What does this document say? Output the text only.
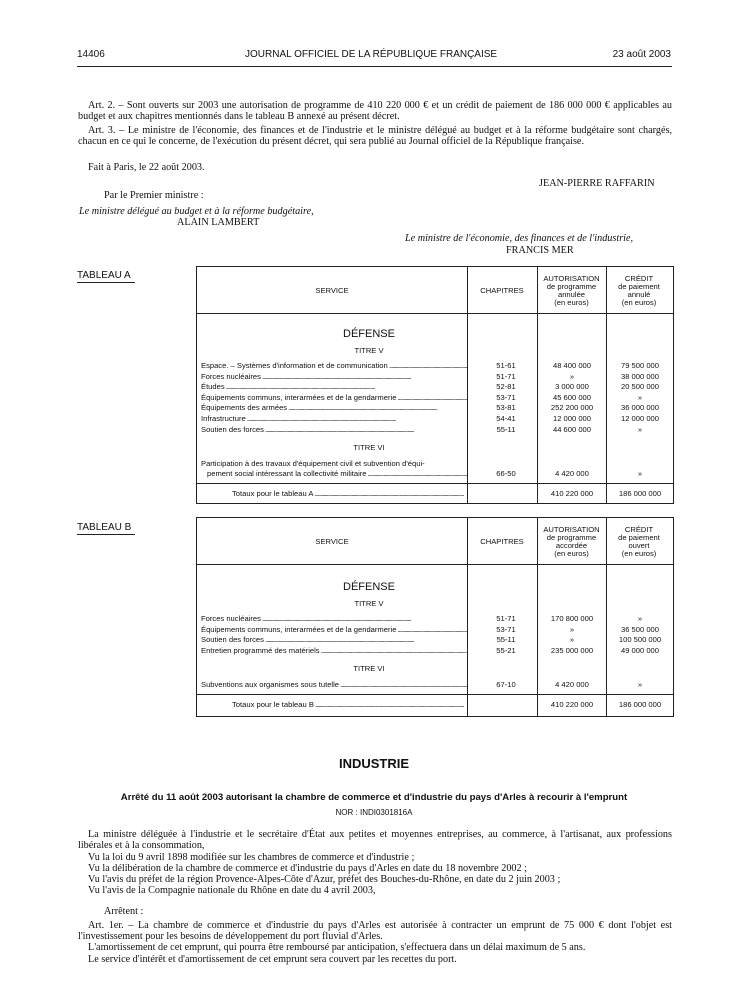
14406	JOURNAL OFFICIEL DE LA RÉPUBLIQUE FRANÇAISE	23 août 2003
Art. 2. – Sont ouverts sur 2003 une autorisation de programme de 410 220 000 € et un crédit de paiement de 186 000 000 € applicables au budget et aux chapitres mentionnés dans le tableau B annexé au présent décret.
Art. 3. – Le ministre de l'économie, des finances et de l'industrie et le ministre délégué au budget et à la réforme budgétaire sont chargés, chacun en ce qui le concerne, de l'exécution du présent décret, qui sera publié au Journal officiel de la République française.
Fait à Paris, le 22 août 2003.
JEAN-PIERRE RAFFARIN
Par le Premier ministre :
Le ministre délégué au budget et à la réforme budgétaire,
ALAIN LAMBERT
Le ministre de l'économie, des finances et de l'industrie,
FRANCIS MER
TABLEAU A
SERVICE	CHAPITRES
AUTORISATION
de programme
annulée
(en euros)
CRÉDIT
de paiement
annulé
(en euros)
DÉFENSE
TITRE V
Espace. – Systèmes d'information et de communication .....	51-61	48 400 000	79 500 000
Forces nucléaires .....	51-71	»	38 000 000
Études .....	52-81	3 000 000	20 500 000
Équipements communs, interarmées et de la gendarmerie .....	53-71	45 600 000	»
Équipements des armées .....	53-81	252 200 000	36 000 000
Infrastructure .....	54-41	12 000 000	12 000 000
Soutien des forces .....	55-11	44 600 000	»
TITRE VI
Participation à des travaux d'équipement civil et subvention d'équi-
pement social intéressant la collectivité militaire .....	66-50	4 420 000	»
Totaux pour le tableau A .....	410 220 000	186 000 000
TABLEAU B
SERVICE	CHAPITRES
AUTORISATION
de programme
accordée
(en euros)
CRÉDIT
de paiement
ouvert
(en euros)
DÉFENSE
TITRE V
Forces nucléaires .....	51-71	170 800 000	»
Équipements communs, interarmées et de la gendarmerie .....	53-71	»	36 500 000
Soutien des forces .....	55-11	»	100 500 000
Entretien programmé des matériels .....	55-21	235 000 000	49 000 000
TITRE VI
Subventions aux organismes sous tutelle .....	67-10	4 420 000	»
Totaux pour le tableau B .....	410 220 000	186 000 000
INDUSTRIE
Arrêté du 11 août 2003 autorisant la chambre de commerce et d'industrie du pays d'Arles à recourir à l'emprunt
NOR : INDI0301816A
La ministre déléguée à l'industrie et le secrétaire d'État aux petites et moyennes entreprises, au commerce, à l'artisanat, aux professions libérales et à la consommation,
Vu la loi du 9 avril 1898 modifiée sur les chambres de commerce et d'industrie ;
Vu la délibération de la chambre de commerce et d'industrie du pays d'Arles en date du 18 novembre 2002 ;
Vu l'avis du préfet de la région Provence-Alpes-Côte d'Azur, préfet des Bouches-du-Rhône, en date du 2 juin 2003 ;
Vu l'avis de la Compagnie nationale du Rhône en date du 4 avril 2003,
Arrêtent :
Art. 1er. – La chambre de commerce et d'industrie du pays d'Arles est autorisée à contracter un emprunt de 75 000 € dont l'objet est l'investissement pour les besoins de développement du port fluvial d'Arles.
L'amortissement de cet emprunt, qui pourra être remboursé par anticipation, s'effectuera dans un délai maximum de 5 ans.
Le service d'intérêt et d'amortissement de cet emprunt sera couvert par les recettes du port.
